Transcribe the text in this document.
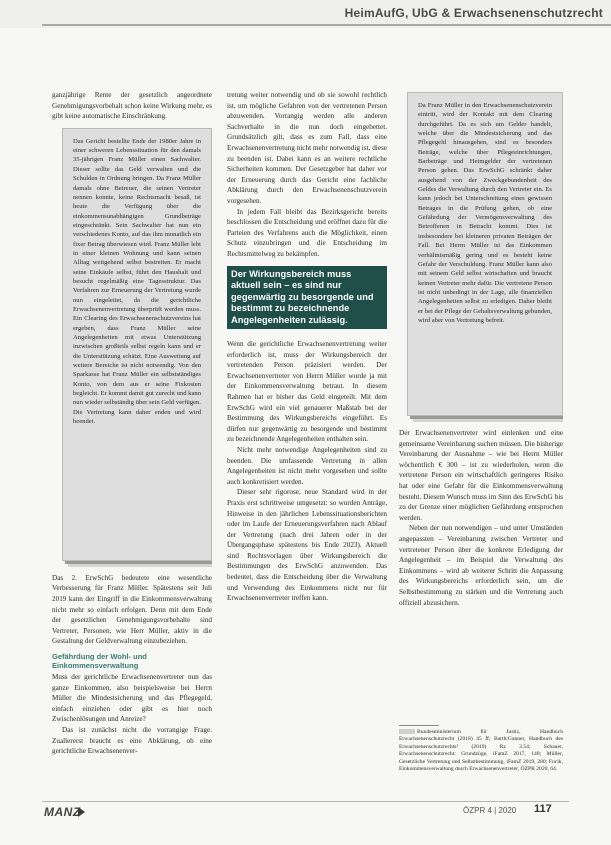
HeimAufG, UbG & Erwachsenenschutzrecht

ganzjährige Rente der gesetzlich angeordnete Genehmigungsvorbehalt schon keine Wirkung mehr, es gibt keine automatische Einschränkung.

Das Gericht bestellte Ende der 1980er Jahre in einer schweren Lebenssituation für den damals 35-jährigen Franz Müller einen Sachwalter. Dieser sollte das Geld verwalten und die Schulden in Ordnung bringen. Da Franz Müller damals ohne Betreuer, die seinen Vertreter nennen konnte, keine Rechtsmacht besaß, ist heute die Verfügung über die einkommensunabhängigen Grundbeträge eingeschränkt. Sein Sachwalter hat nun ein verschiedenes Konto, auf das ihm monatlich ein fixer Betrag überwiesen wird. Franz Müller lebt in einer kleinen Wohnung und kann seinen Alltag weitgehend selbst bestreiten. Er macht seine Einkäufe selbst, führt den Haushalt und besucht regelmäßig eine Tagesstruktur. Das Verfahren zur Erneuerung der Vertretung wurde nun eingeleitet, da die gerichtliche Erwachsenenvertretung überprüft werden muss. Ein Clearing des Erwachsenenschutzvereins hat ergeben, dass Franz Müller seine Angelegenheiten mit etwas Unterstützung inzwischen großteils selbst regeln kann und er die Unterstützung schätzt. Eine Ausweitung auf weitere Bereiche ist nicht notwendig. Von den Sparkasse hat Franz Müller ein selbstständiges Konto, von dem aus er seine Fixkosten begleicht. Er kommt damit gut zurecht und kann nun wieder selbständig über sein Geld verfügen. Die Vertretung kann daher enden und wird beendet.

Das 2. ErwSchG bedeutete eine wesentliche Verbesserung für Franz Müller. Spätestens seit Juli 2019 kann der Eingriff in die Einkommensverwaltung nicht mehr so einfach erfolgen. Denn mit dem Ende der gesetzlichen Genehmigungsvorbehalte sind Vertreter, Personen, wie Herr Müller, aktiv in die Gestaltung der Geldverwaltung einzubeziehen.

Gefährdung der Wohl- und Einkommensverwaltung

Muss der gerichtliche Erwachsenenvertreter nun das ganze Einkommen, also beispielsweise bei Herrn Müller die Mindestsicherung und das Pflegegeld, einfach einziehen oder gibt es hier noch Zwischenlösungen und Anreize?

Das ist zunächst nicht die vorrangige Frage. Zuallererst braucht es eine Abklärung, ob eine gerichtliche Erwachsenenver-

tretung weiter notwendig und ob sie sowohl rechtlich ist, um mögliche Gefahren von der vertretenen Person abzuwenden. Vorrangig werden alle anderen Sachverhalte in die nun doch eingebettet. Grundsätzlich gilt, dass es zum Fall, dass eine Erwachsenenvertretung nicht mehr notwendig ist, diese zu beenden ist. Dabei kann es an weitere rechtliche Sicherheiten kommen. Der Gesetzgeber hat daher vor der Erneuerung durch das Gericht eine fachliche Abklärung durch den Erwachsenenschutzverein vorgesehen.

In jedem Fall bleibt das Bezirksgericht bereits beschlossen die Entscheidung und eröffnet dazu für die Parteien des Verfahrens auch die Möglichkeit, einen Schutz einzubringen und die Entscheidung im Rechtsmittelweg zu bekämpfen.

Der Wirkungsbereich muss aktuell sein – es sind nur gegenwärtig zu besorgende und bestimmt zu bezeichnende Angelegenheiten zulässig.

Wenn die gerichtliche Erwachsenenvertretung weiter erforderlich ist, muss der Wirkungsbereich der vertretenden Person präzisiert werden. Der Erwachsenenvertreter von Herrn Müller wurde ja mit der Einkommensverwaltung betraut. In diesem Rahmen hat er bisher das Geld eingeteilt. Mit dem ErwSchG wird ein viel genauerer Maßstab bei der Bestimmung des Wirkungsbereichs eingeführt. Es dürfen nur gegenwärtig zu besorgende und bestimmt zu bezeichnende Angelegenheiten enthalten sein.

Nicht mehr notwendige Angelegenheiten sind zu beenden. Die umfassende Vertretung in allen Angelegenheiten ist nicht mehr vorgesehen und sollte auch konkretisiert werden.

Dieser sehr rigorose, neue Standard wird in der Praxis erst schrittweise umgesetzt: so wurden Anträge, Hinweise in den jährlichen Lebenssituationsberichten oder im Laufe der Erneuerungsverfahren nach Ablauf der Vertretung (nach drei Jahren oder in der Übergangsphase spätestens bis Ende 2023). Aktuell sind Rechtsvorlagen über Wirkungsbereich die Bestimmungen des ErwSchG anzuwenden. Das bedeutet, dass die Entscheidung über die Verwaltung und Verwendung des Einkommens nicht nur für Erwachsenenvertreter treffen kann.

Da Franz Müller in den Erwachsenenschutzverein eintritt, wird der Kontakt mit dem Clearing durchgeführt. Da es sich um Gelder handelt, welche über die Mindestsicherung und das Pflegegeld hinausgehen, sind es besonders Beträge, welche über Pflegeeinrichtungen, Barbeträge und Heimgelder der vertretenen Person gehen. Das ErwSchG schränkt daher ausgehend von der Zweckgebundenheit des Geldes die Verwaltung durch den Vertreter ein. Es kann jedoch bei Unterschreitung eines gewissen Betrages in die Prüfung gehen, ob eine Gefährdung der Vermögensverwaltung des Betroffenen in Betracht kommt. Dies ist insbesondere bei kleineren privaten Beträgen der Fall. Bei Herrn Müller ist das Einkommen verhältnismäßig gering und es besteht keine Gefahr der Verschuldung. Franz Müller kann also mit seinem Geld selbst wirtschaften und braucht keinen Vertreter mehr dafür. Die vertretene Person ist nicht unbedingt in der Lage, alle finanziellen Angelegenheiten selbst zu erledigen. Daher bleibt er bei der Pflege der Gehaltsverwaltung gebunden, wird aber von Vertretung befreit.

Der Erwachsenenvertreter wird einlenken und eine gemeinsame Vereinbarung suchen müssen. Die bisherige Vereinbarung der Ausnahme – wie bei Herrn Müller wöchentlich € 300 – ist zu wiederholen, wenn die vertretene Person ein wirtschaftlich geringeres Risiko hat oder eine Gefahr für die Einkommensverwaltung besteht. Diesem Wunsch muss im Sinn des ErwSchG bis zu der Grenze einer möglichen Gefährdung entsprochen werden.

Neben der nun notwendigen – und unter Umständen angepassten – Vereinbarung zwischen Vertreter und vertretener Person über die konkrete Erledigung der Angelegenheit – im Beispiel die Verwaltung des Einkommens – wird ab weiterer Schritt die Anpassung des Wirkungsbereichs erforderlich sein, um die Selbstbestimmung zu stärken und die Vertretung auch offiziell abzusichern.

Bundesministerium für Justiz, Handbuch Erwachsenenschutzrecht (2018) 45 ff; Barth/Ganner, Handbuch des Erwachsenenschutzrechts³ (2019) Rz 3.54; Schauer, Erwachsenenschutzrecht: Grundzüge, iFamZ 2017, 148; Müller, Gesetzliche Vertretung und Selbstbestimmung, iFamZ 2019, 280; Fucik, Einkommensverwaltung durch Erwachsenenvertreter, ÖZPR 2020, 64.
MANZ	ÖZPR 4 | 2020 117
